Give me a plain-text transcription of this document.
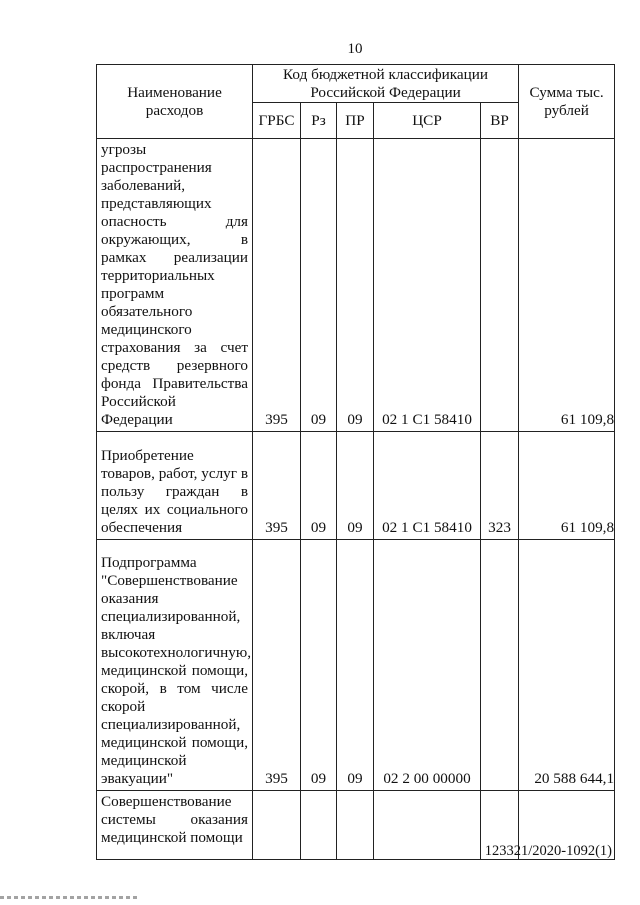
10
Наименование расходов	Код бюджетной классификации Российской Федерации					Сумма тыс. рублей
	ГРБС	Рз	ПР	ЦСР	ВР	
угрозы распространения заболеваний, представляющих опасность для окружающих, в рамках реализации территориальных программ обязательного медицинского страхования за счет средств резервного фонда Правительства Российской Федерации	395	09	09	02 1 С1 58410		61 109,8
Приобретение товаров, работ, услуг в пользу граждан в целях их социального обеспечения	395	09	09	02 1 С1 58410	323	61 109,8
Подпрограмма "Совершенствование оказания специализированной, включая высокотехнологичную, медицинской помощи, скорой, в том числе скорой специализированной, медицинской помощи, медицинской эвакуации"	395	09	09	02 2 00 00000		20 588 644,1
Совершенствование системы оказания медицинской помощи						
123321/2020-1092(1)
